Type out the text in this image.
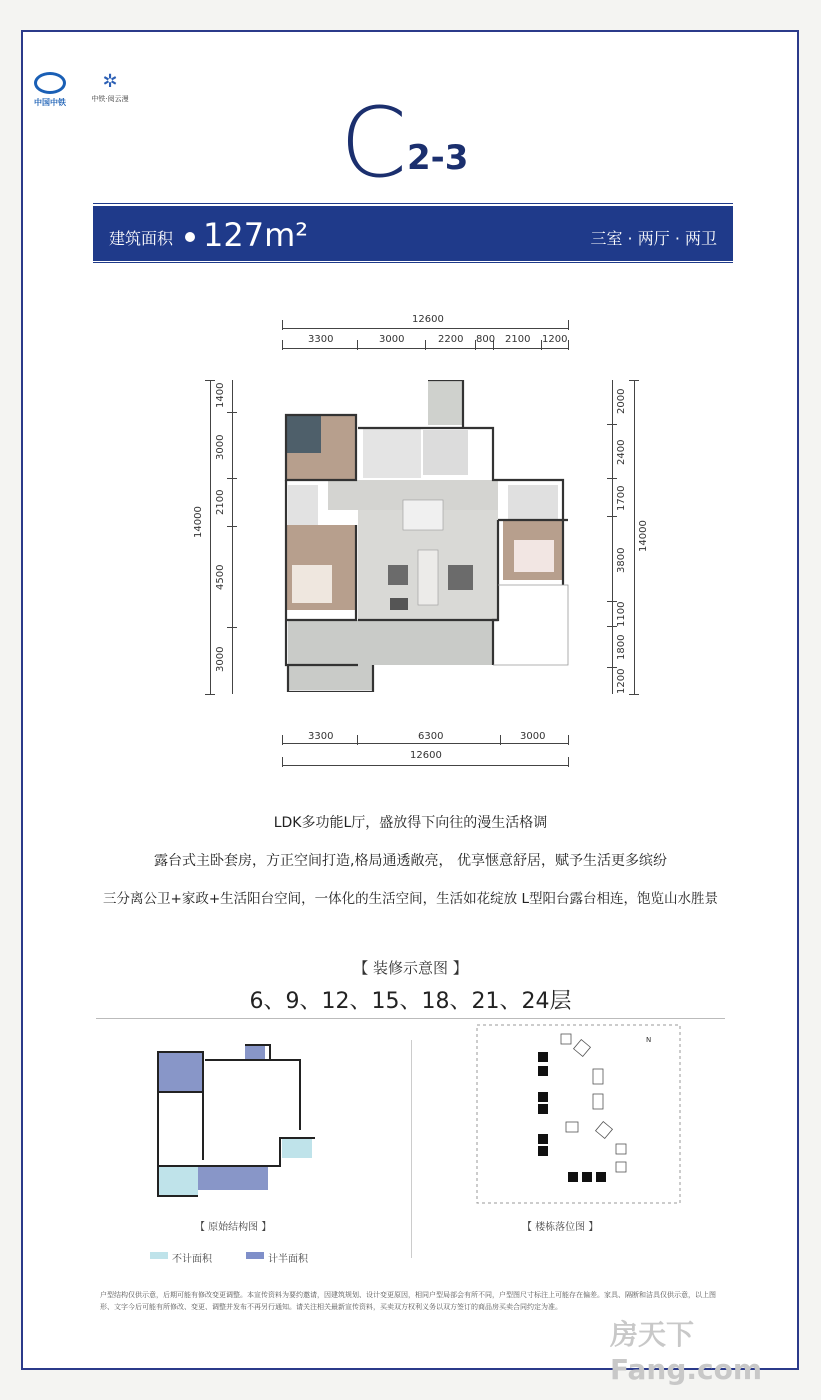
中国中铁
✲
中铁·阅云漫 C 2-3
建筑面积 127m²	三室 · 两厅 · 两卫
12600
3300	3000	2200 800 2100 1200
3300	6300	3000
12600
14000
1400
3000
2100
4500
3000
2000
2400
1700
3800
1100
1800
1200
14000
LDK多功能L厅，盛放得下向往的漫生活格调
露台式主卧套房，方正空间打造,格局通透敞亮， 优享惬意舒居，赋予生活更多缤纷
三分离公卫+家政+生活阳台空间，一体化的生活空间，生活如花绽放 L型阳台露台相连，饱览山水胜景
【 装修示意图 】
6、9、12、15、18、21、24层
【 原始结构图 】
N
【 楼栋落位图 】
不计面积	计半面积
户型结构仅供示意，后期可能有修改变更调整。本宣传资料为要约邀请，因建筑规划、设计变更原因，相同户型局部会有所不同，户型图尺寸标注上可能存在偏差。家具、隔断和洁具仅供示意，以上图形、文字今后可能有所修改、变更、调整并发布不再另行通知。请关注相关最新宣传资料，买卖双方权利义务以双方签订的商品房买卖合同约定为准。
房天下 Fang.com
